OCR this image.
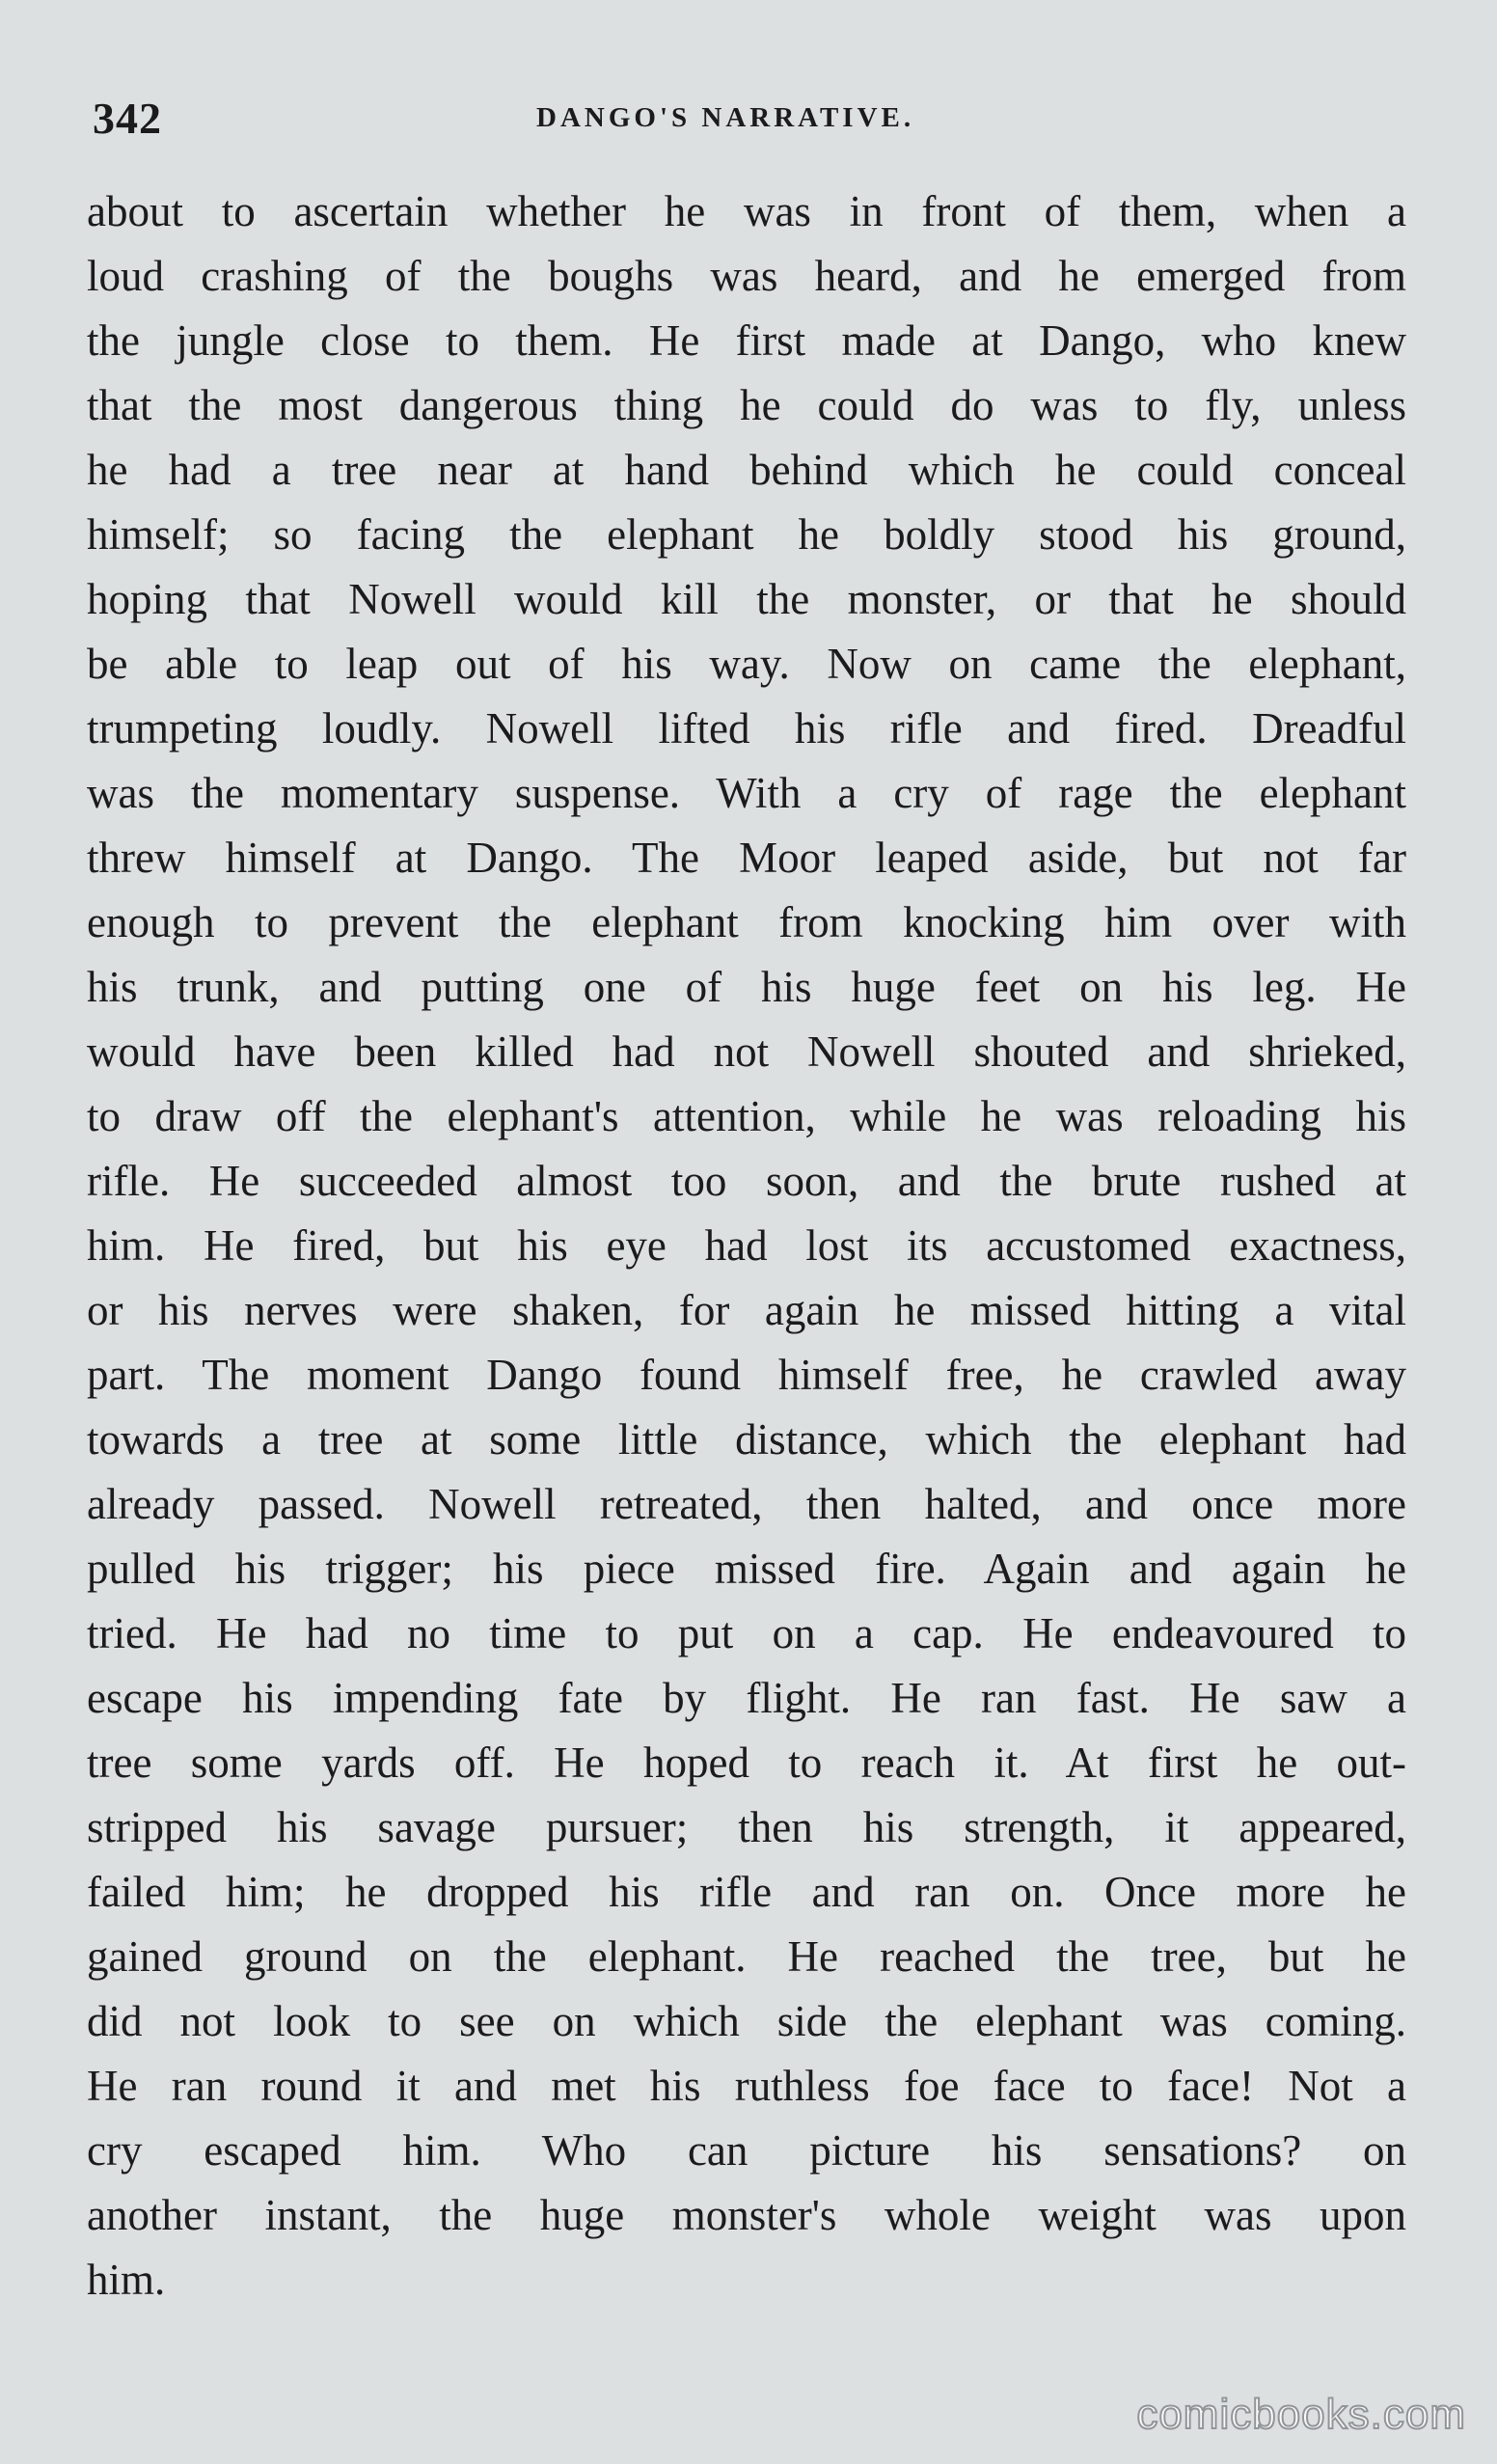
342	DANGO'S NARRATIVE.
about to ascertain whether he was in front of them, when a
loud crashing of the boughs was heard, and he emerged from
the jungle close to them. He first made at Dango, who knew
that the most dangerous thing he could do was to fly, unless
he had a tree near at hand behind which he could conceal
himself; so facing the elephant he boldly stood his ground,
hoping that Nowell would kill the monster, or that he should
be able to leap out of his way. Now on came the elephant,
trumpeting loudly. Nowell lifted his rifle and fired. Dreadful
was the momentary suspense. With a cry of rage the elephant
threw himself at Dango. The Moor leaped aside, but not far
enough to prevent the elephant from knocking him over with
his trunk, and putting one of his huge feet on his leg. He
would have been killed had not Nowell shouted and shrieked,
to draw off the elephant's attention, while he was reloading his
rifle. He succeeded almost too soon, and the brute rushed at
him. He fired, but his eye had lost its accustomed exactness,
or his nerves were shaken, for again he missed hitting a vital
part. The moment Dango found himself free, he crawled away
towards a tree at some little distance, which the elephant had
already passed. Nowell retreated, then halted, and once more
pulled his trigger; his piece missed fire. Again and again he
tried. He had no time to put on a cap. He endeavoured to
escape his impending fate by flight. He ran fast. He saw a
tree some yards off. He hoped to reach it. At first he out-
stripped his savage pursuer; then his strength, it appeared,
failed him; he dropped his rifle and ran on. Once more he
gained ground on the elephant. He reached the tree, but he
did not look to see on which side the elephant was coming.
He ran round it and met his ruthless foe face to face! Not a
cry escaped him. Who can picture his sensations? on
another instant, the huge monster's whole weight was upon
him.
comicbooks.com
